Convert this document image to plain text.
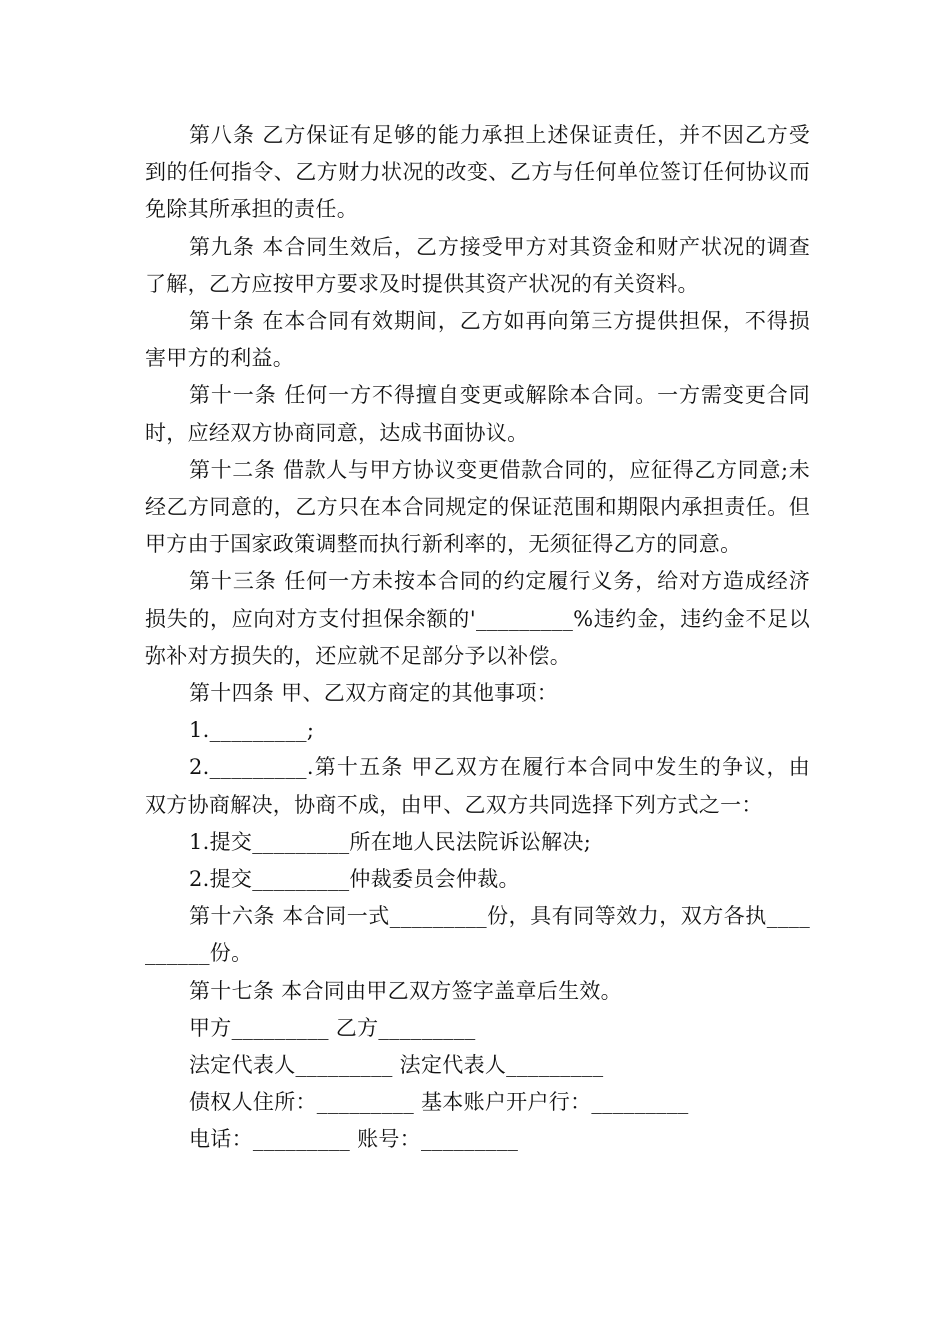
第八条 乙方保证有足够的能力承担上述保证责任，并不因乙方受到的任何指令、乙方财力状况的改变、乙方与任何单位签订任何协议而免除其所承担的责任。

第九条 本合同生效后，乙方接受甲方对其资金和财产状况的调查了解，乙方应按甲方要求及时提供其资产状况的有关资料。

第十条 在本合同有效期间，乙方如再向第三方提供担保，不得损害甲方的利益。

第十一条 任何一方不得擅自变更或解除本合同。一方需变更合同时，应经双方协商同意，达成书面协议。

第十二条 借款人与甲方协议变更借款合同的，应征得乙方同意;未经乙方同意的，乙方只在本合同规定的保证范围和期限内承担责任。但甲方由于国家政策调整而执行新利率的，无须征得乙方的同意。

第十三条 任何一方未按本合同的约定履行义务，给对方造成经济损失的，应向对方支付担保余额的'_________%违约金，违约金不足以弥补对方损失的，还应就不足部分予以补偿。

第十四条 甲、乙双方商定的其他事项：

1._________;

2._________.第十五条 甲乙双方在履行本合同中发生的争议，由双方协商解决，协商不成，由甲、乙双方共同选择下列方式之一：

1.提交_________所在地人民法院诉讼解决;

2.提交_________仲裁委员会仲裁。

第十六条 本合同一式_________份，具有同等效力，双方各执__________份。

第十七条 本合同由甲乙双方签字盖章后生效。

甲方_________ 乙方_________

法定代表人_________ 法定代表人_________

债权人住所：_________ 基本账户开户行：_________

电话：_________ 账号：_________
